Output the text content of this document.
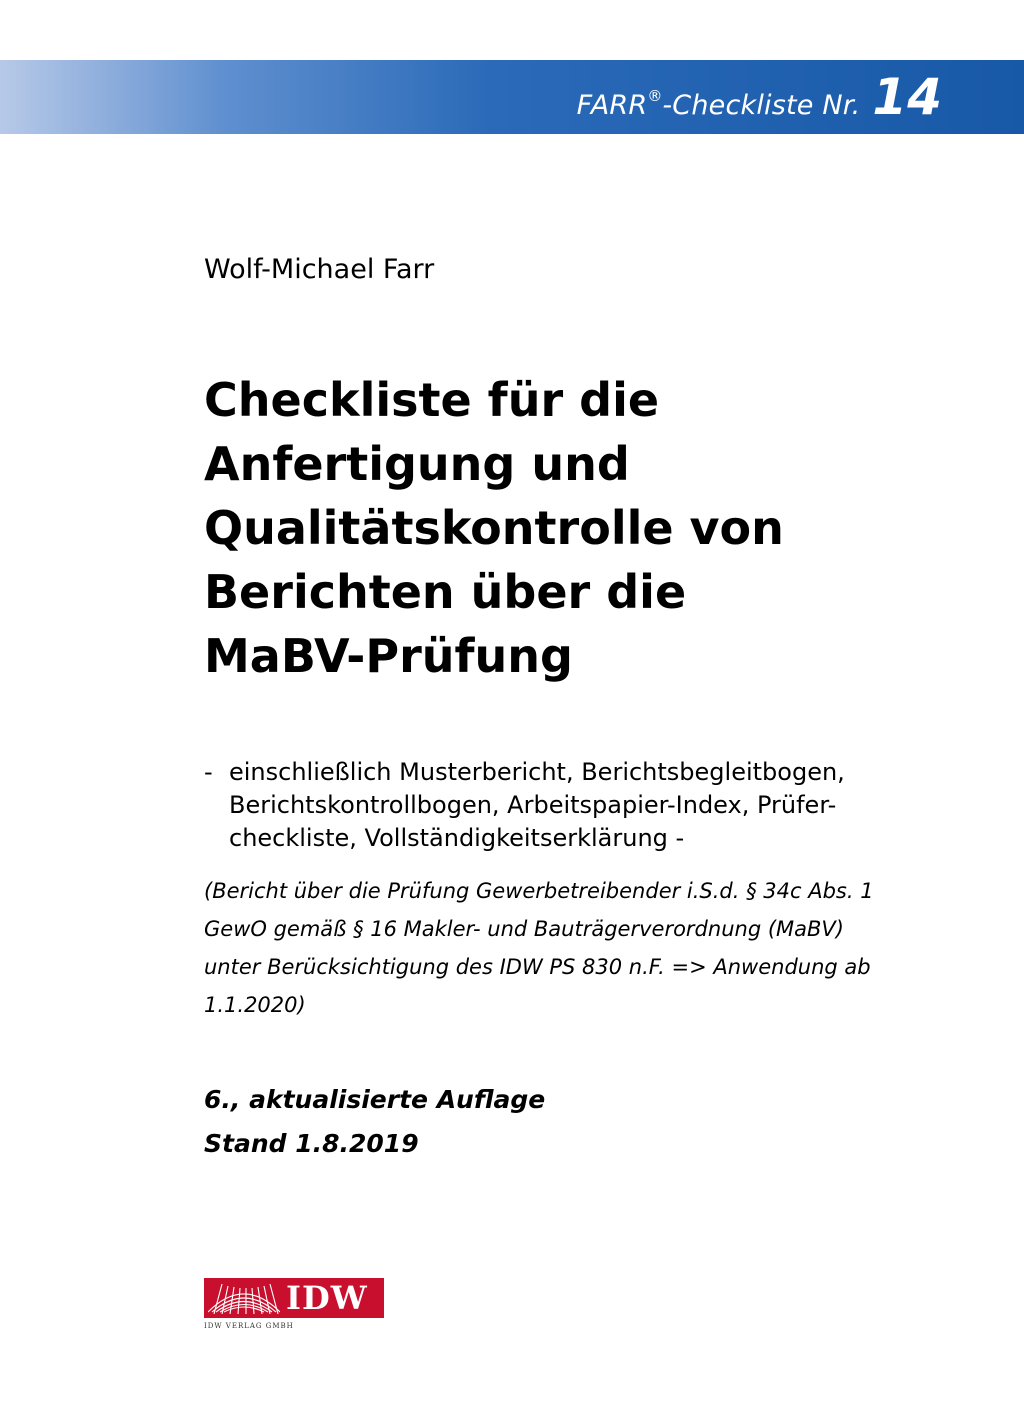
FARR ® -Checkliste Nr. 14
Wolf-Michael Farr
Checkliste für die
Anfertigung und
Qualitätskontrolle von
Berichten über die
MaBV-Prüfung
- einschließlich Musterbericht, Berichtsbegleitbogen,
Berichtskontrollbogen, Arbeitspapier-Index, Prüfer-
checkliste, Vollständigkeitserklärung -
(Bericht über die Prüfung Gewerbetreibender i.S.d. § 34c Abs. 1
GewO gemäß § 16 Makler- und Bauträgerverordnung (MaBV)
unter Berücksichtigung des IDW PS 830 n.F. => Anwendung ab
1.1.2020)
6., aktualisierte Auflage
Stand 1.8.2019
IDW
IDW VERLAG GMBH
